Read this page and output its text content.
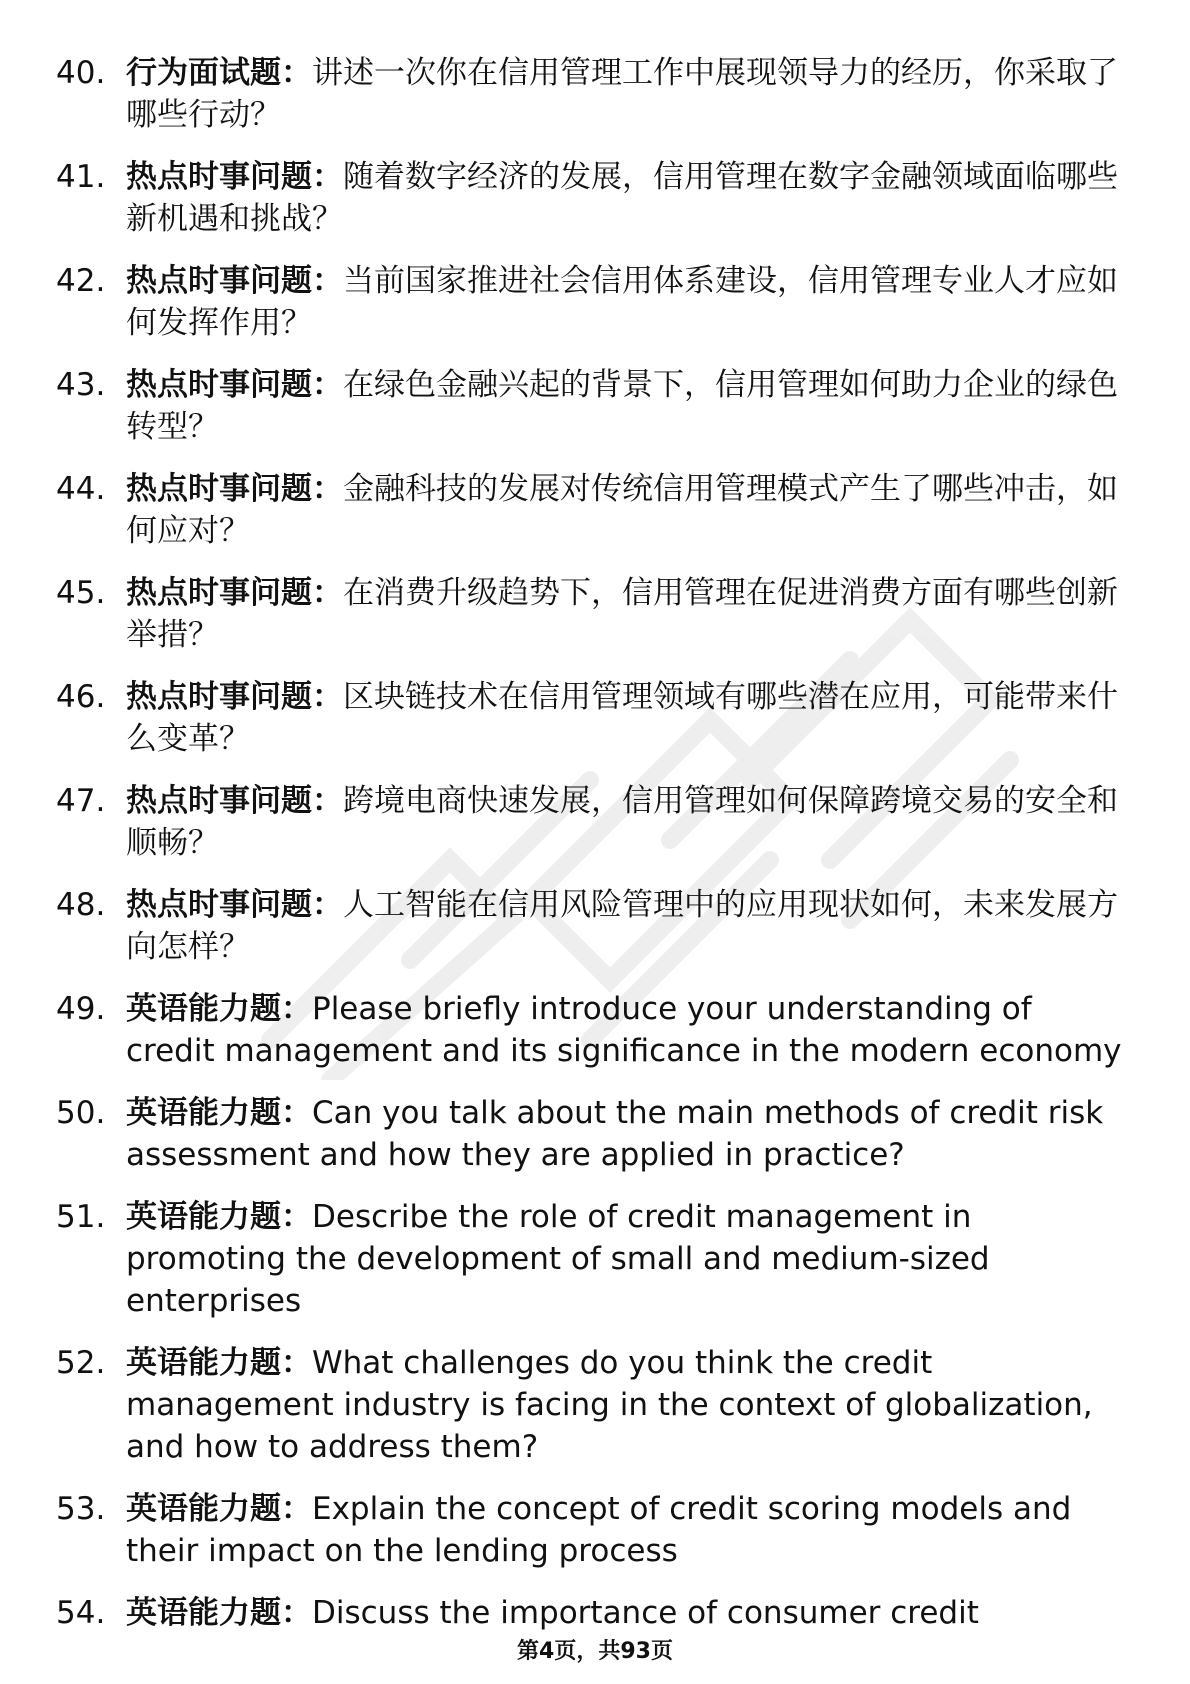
40. 行为面试题：讲述一次你在信用管理工作中展现领导力的经历，你采取了哪些行动？
41. 热点时事问题：随着数字经济的发展，信用管理在数字金融领域面临哪些新机遇和挑战？
42. 热点时事问题：当前国家推进社会信用体系建设，信用管理专业人才应如何发挥作用？
43. 热点时事问题：在绿色金融兴起的背景下，信用管理如何助力企业的绿色转型？
44. 热点时事问题：金融科技的发展对传统信用管理模式产生了哪些冲击，如何应对？
45. 热点时事问题：在消费升级趋势下，信用管理在促进消费方面有哪些创新举措？
46. 热点时事问题：区块链技术在信用管理领域有哪些潜在应用，可能带来什么变革？
47. 热点时事问题：跨境电商快速发展，信用管理如何保障跨境交易的安全和顺畅？
48. 热点时事问题：人工智能在信用风险管理中的应用现状如何，未来发展方向怎样？
49. 英语能力题：Please briefly introduce your understanding of credit management and its significance in the modern economy
50. 英语能力题：Can you talk about the main methods of credit risk assessment and how they are applied in practice?
51. 英语能力题：Describe the role of credit management in promoting the development of small and medium-sized enterprises
52. 英语能力题：What challenges do you think the credit management industry is facing in the context of globalization, and how to address them?
53. 英语能力题：Explain the concept of credit scoring models and their impact on the lending process
54. 英语能力题：Discuss the importance of consumer credit
第4页，共93页
